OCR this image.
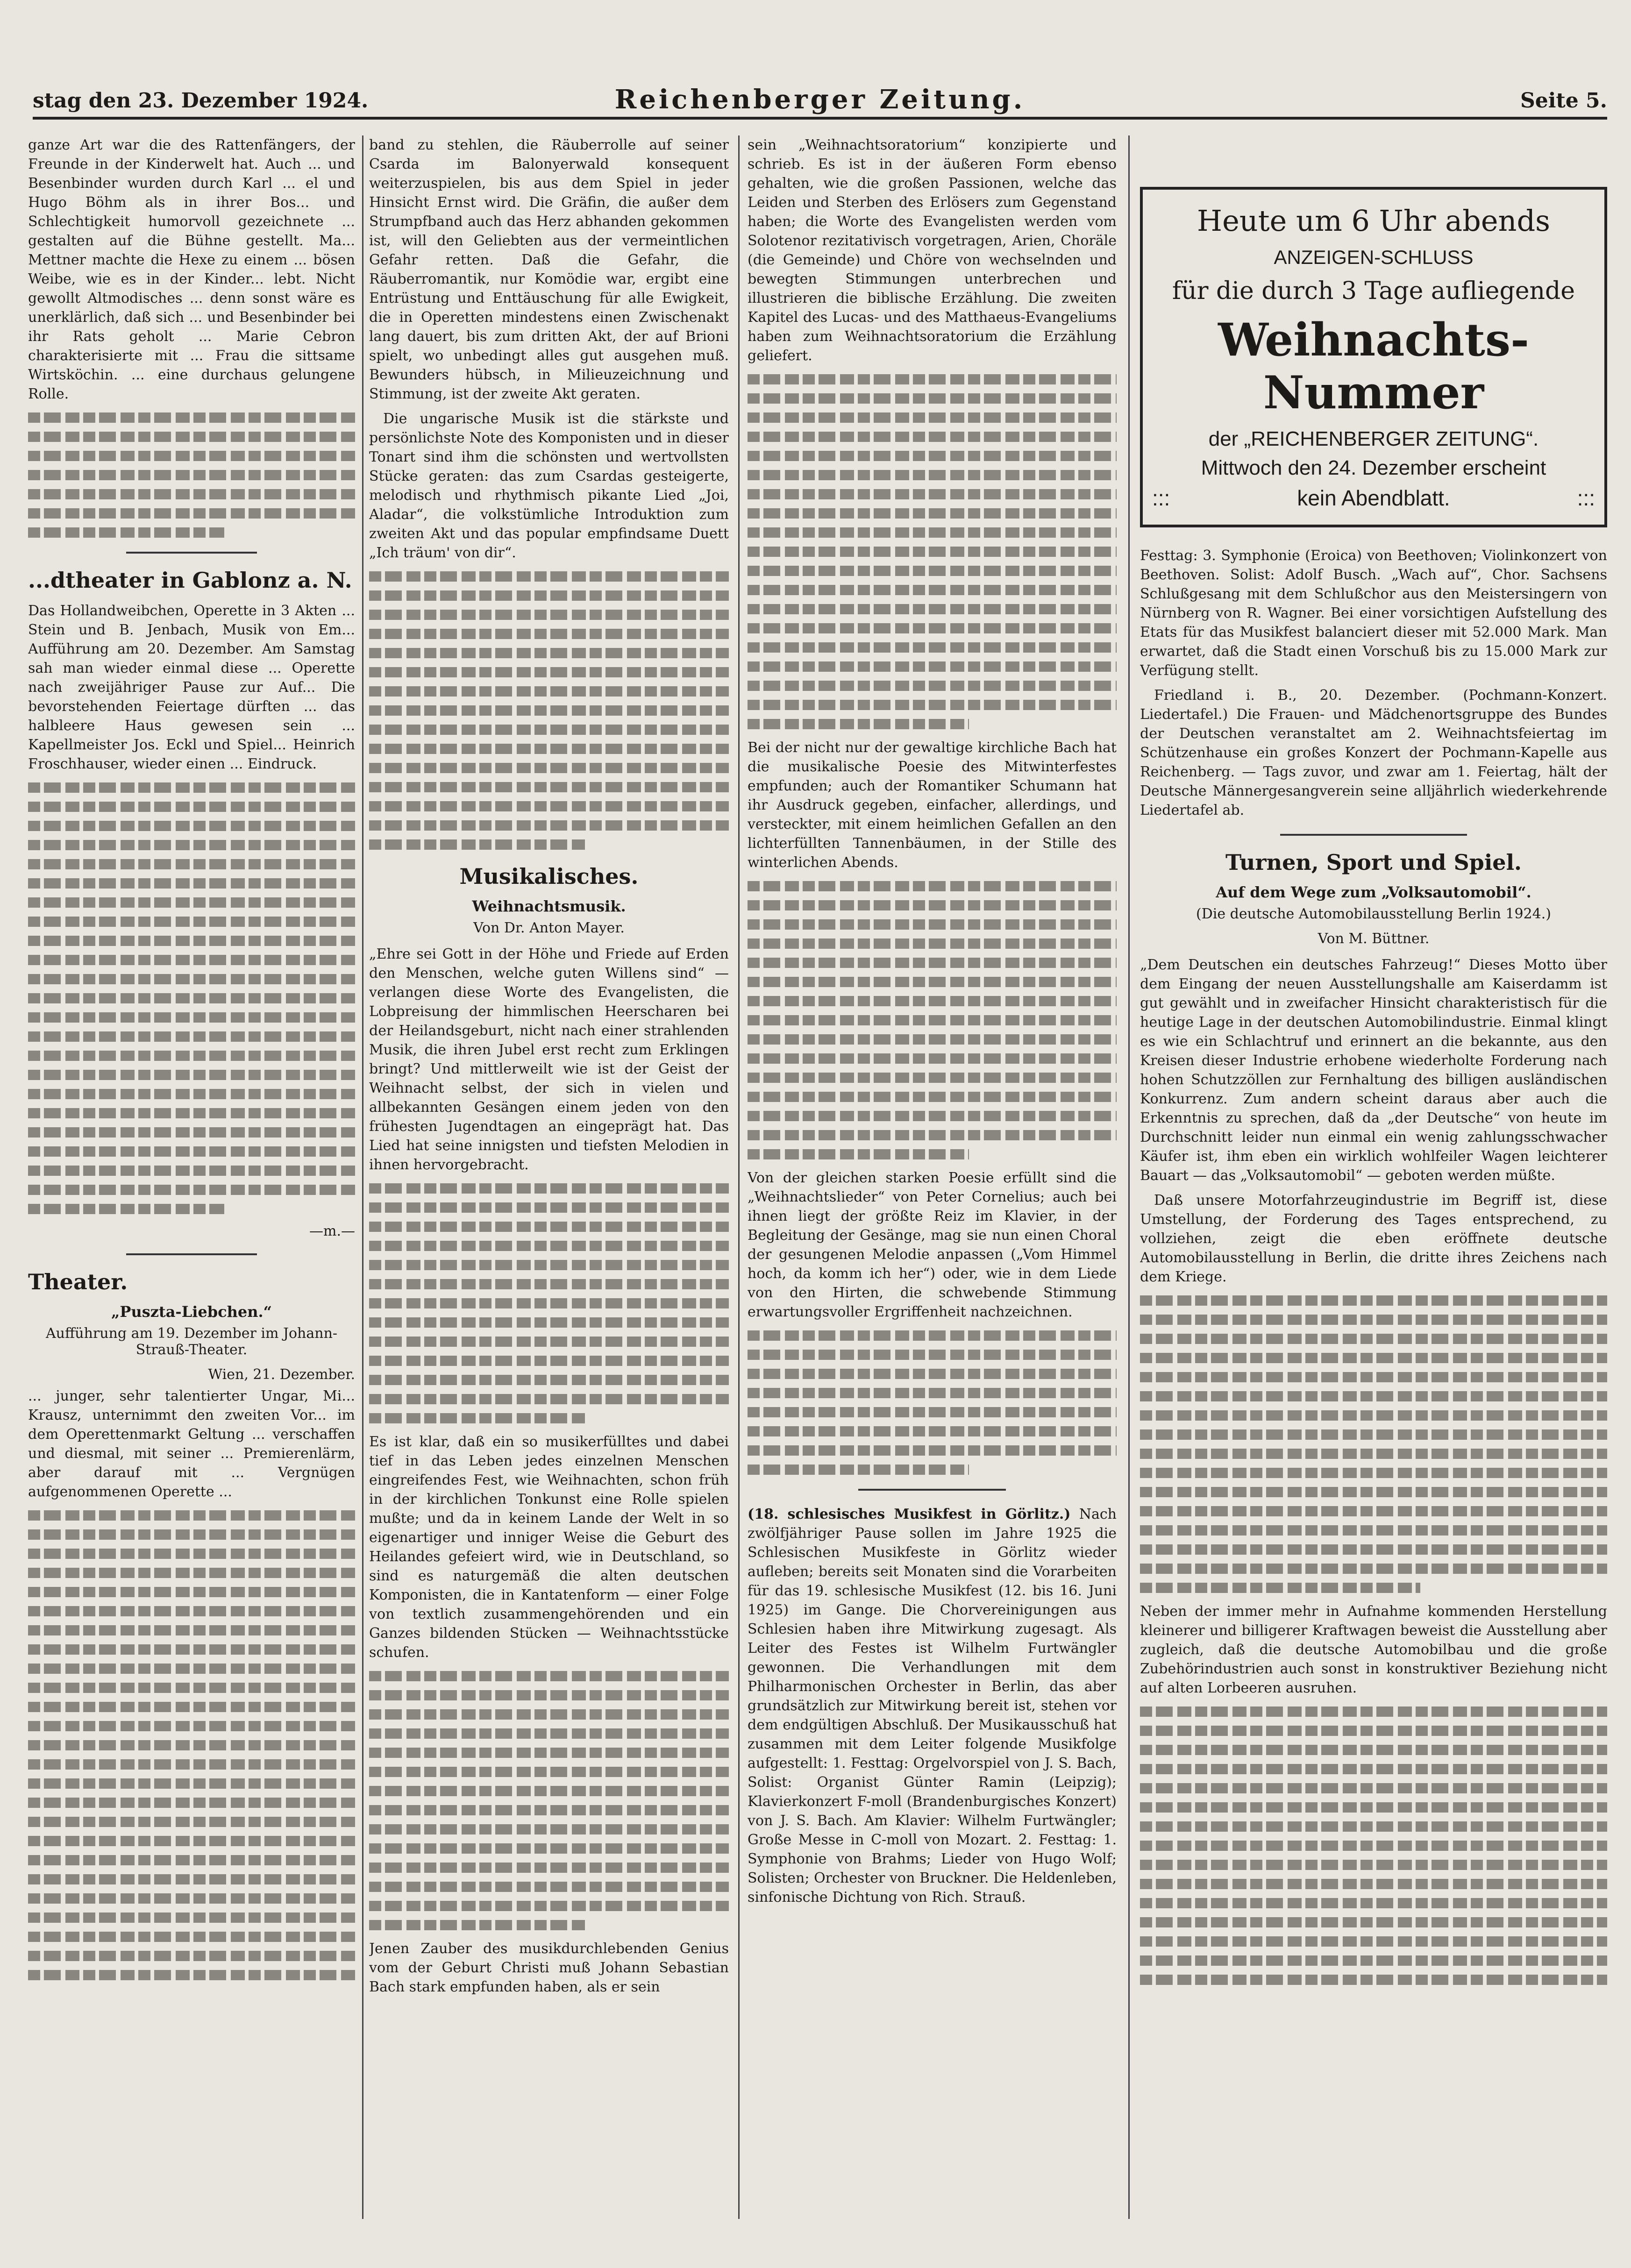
stag den 23. Dezember 1924.	Reichenberger Zeitung.	Seite 5.

ganze Art war die des Rattenfängers, der Freunde in der Kinderwelt hat. Auch ... und Besenbinder wurden durch Karl ... el und Hugo Böhm als in ihrer Bos... und Schlechtigkeit humorvoll gezeichnete ... gestalten auf die Bühne gestellt. Ma... Mettner machte die Hexe zu einem ... bösen Weibe, wie es in der Kinder... lebt. Nicht gewollt Altmodisches ... denn sonst wäre es unerklärlich, daß sich ... und Besenbinder bei ihr Rats geholt ... Marie Cebron charakterisierte mit ... Frau die sittsame Wirtsköchin. ... eine durchaus gelungene Rolle.

...dtheater in Gablonz a. N.

Das Hollandweibchen, Operette in 3 Akten ... Stein und B. Jenbach, Musik von Em... Aufführung am 20. Dezember. Am Samstag sah man wieder einmal diese ... Operette nach zweijähriger Pause zur Auf... Die bevorstehenden Feiertage dürften ... das halbleere Haus gewesen sein ... Kapellmeister Jos. Eckl und Spiel... Heinrich Froschhauser, wieder einen ... Eindruck.

—m.—
Theater.
„Puszta-Liebchen.“
Aufführung am 19. Dezember im Johann-Strauß-Theater.
Wien, 21. Dezember.

... junger, sehr talentierter Ungar, Mi... Krausz, unternimmt den zweiten Vor... im dem Operettenmarkt Geltung ... verschaffen und diesmal, mit seiner ... Premierenlärm, aber darauf mit ... Vergnügen aufgenommenen Operette ...

band zu stehlen, die Räuberrolle auf seiner Csarda im Balonyerwald konsequent weiterzuspielen, bis aus dem Spiel in jeder Hinsicht Ernst wird. Die Gräfin, die außer dem Strumpfband auch das Herz abhanden gekommen ist, will den Geliebten aus der vermeintlichen Gefahr retten. Daß die Gefahr, die Räuberromantik, nur Komödie war, ergibt eine Entrüstung und Enttäuschung für alle Ewigkeit, die in Operetten mindestens einen Zwischenakt lang dauert, bis zum dritten Akt, der auf Brioni spielt, wo unbedingt alles gut ausgehen muß. Bewunders hübsch, in Milieuzeichnung und Stimmung, ist der zweite Akt geraten.

Die ungarische Musik ist die stärkste und persönlichste Note des Komponisten und in dieser Tonart sind ihm die schönsten und wertvollsten Stücke geraten: das zum Csardas gesteigerte, melodisch und rhythmisch pikante Lied „Joi, Aladar“, die volkstümliche Introduktion zum zweiten Akt und das popular empfindsame Duett „Ich träum' von dir“.

Musikalisches.
Weihnachtsmusik.
Von Dr. Anton Mayer.

„Ehre sei Gott in der Höhe und Friede auf Erden den Menschen, welche guten Willens sind“ — verlangen diese Worte des Evangelisten, die Lobpreisung der himmlischen Heerscharen bei der Heilandsgeburt, nicht nach einer strahlenden Musik, die ihren Jubel erst recht zum Erklingen bringt? Und mittlerweilt wie ist der Geist der Weihnacht selbst, der sich in vielen und allbekannten Gesängen einem jeden von den frühesten Jugendtagen an eingeprägt hat. Das Lied hat seine innigsten und tiefsten Melodien in ihnen hervorgebracht.

Es ist klar, daß ein so musikerfülltes und dabei tief in das Leben jedes einzelnen Menschen eingreifendes Fest, wie Weihnachten, schon früh in der kirchlichen Tonkunst eine Rolle spielen mußte; und da in keinem Lande der Welt in so eigenartiger und inniger Weise die Geburt des Heilandes gefeiert wird, wie in Deutschland, so sind es naturgemäß die alten deutschen Komponisten, die in Kantatenform — einer Folge von textlich zusammengehörenden und ein Ganzes bildenden Stücken — Weihnachtsstücke schufen.

Jenen Zauber des musikdurchlebenden Genius vom der Geburt Christi muß Johann Sebastian Bach stark empfunden haben, als er sein

sein „Weihnachtsoratorium“ konzipierte und schrieb. Es ist in der äußeren Form ebenso gehalten, wie die großen Passionen, welche das Leiden und Sterben des Erlösers zum Gegenstand haben; die Worte des Evangelisten werden vom Solotenor rezitativisch vorgetragen, Arien, Choräle (die Gemeinde) und Chöre von wechselnden und bewegten Stimmungen unterbrechen und illustrieren die biblische Erzählung. Die zweiten Kapitel des Lucas- und des Matthaeus-Evangeliums haben zum Weihnachtsoratorium die Erzählung geliefert.

Bei der nicht nur der gewaltige kirchliche Bach hat die musikalische Poesie des Mitwinterfestes empfunden; auch der Romantiker Schumann hat ihr Ausdruck gegeben, einfacher, allerdings, und versteckter, mit einem heimlichen Gefallen an den lichterfüllten Tannenbäumen, in der Stille des winterlichen Abends.

Von der gleichen starken Poesie erfüllt sind die „Weihnachtslieder“ von Peter Cornelius; auch bei ihnen liegt der größte Reiz im Klavier, in der Begleitung der Gesänge, mag sie nun einen Choral der gesungenen Melodie anpassen („Vom Himmel hoch, da komm ich her“) oder, wie in dem Liede von den Hirten, die schwebende Stimmung erwartungsvoller Ergriffenheit nachzeichnen.

(18. schlesisches Musikfest in Görlitz.) Nach zwölfjähriger Pause sollen im Jahre 1925 die Schlesischen Musikfeste in Görlitz wieder aufleben; bereits seit Monaten sind die Vorarbeiten für das 19. schlesische Musikfest (12. bis 16. Juni 1925) im Gange. Die Chorvereinigungen aus Schlesien haben ihre Mitwirkung zugesagt. Als Leiter des Festes ist Wilhelm Furtwängler gewonnen. Die Verhandlungen mit dem Philharmonischen Orchester in Berlin, das aber grundsätzlich zur Mitwirkung bereit ist, stehen vor dem endgültigen Abschluß. Der Musikausschuß hat zusammen mit dem Leiter folgende Musikfolge aufgestellt: 1. Festtag: Orgelvorspiel von J. S. Bach, Solist: Organist Günter Ramin (Leipzig); Klavierkonzert F-moll (Brandenburgisches Konzert) von J. S. Bach. Am Klavier: Wilhelm Furtwängler; Große Messe in C-moll von Mozart. 2. Festtag: 1. Symphonie von Brahms; Lieder von Hugo Wolf; Solisten; Orchester von Bruckner. Die Heldenleben, sinfonische Dichtung von Rich. Strauß.

Heute um 6 Uhr abends
ANZEIGEN-SCHLUSS
für die durch 3 Tage aufliegende
Weihnachts-Nummer
der „REICHENBERGER ZEITUNG“.
Mittwoch den 24. Dezember erscheint
:::	kein Abendblatt.	:::

Festtag: 3. Symphonie (Eroica) von Beethoven; Violinkonzert von Beethoven. Solist: Adolf Busch. „Wach auf“, Chor. Sachsens Schlußgesang mit dem Schlußchor aus den Meistersingern von Nürnberg von R. Wagner. Bei einer vorsichtigen Aufstellung des Etats für das Musikfest balanciert dieser mit 52.000 Mark. Man erwartet, daß die Stadt einen Vorschuß bis zu 15.000 Mark zur Verfügung stellt.

Friedland i. B., 20. Dezember. (Pochmann-Konzert. Liedertafel.) Die Frauen- und Mädchenortsgruppe des Bundes der Deutschen veranstaltet am 2. Weihnachtsfeiertag im Schützenhause ein großes Konzert der Pochmann-Kapelle aus Reichenberg. — Tags zuvor, und zwar am 1. Feiertag, hält der Deutsche Männergesangverein seine alljährlich wiederkehrende Liedertafel ab.

Turnen, Sport und Spiel.
Auf dem Wege zum „Volksautomobil“.
(Die deutsche Automobilausstellung Berlin 1924.)
Von M. Büttner.

„Dem Deutschen ein deutsches Fahrzeug!“ Dieses Motto über dem Eingang der neuen Ausstellungshalle am Kaiserdamm ist gut gewählt und in zweifacher Hinsicht charakteristisch für die heutige Lage in der deutschen Automobilindustrie. Einmal klingt es wie ein Schlachtruf und erinnert an die bekannte, aus den Kreisen dieser Industrie erhobene wiederholte Forderung nach hohen Schutzzöllen zur Fernhaltung des billigen ausländischen Konkurrenz. Zum andern scheint daraus aber auch die Erkenntnis zu sprechen, daß da „der Deutsche“ von heute im Durchschnitt leider nun einmal ein wenig zahlungsschwacher Käufer ist, ihm eben ein wirklich wohlfeiler Wagen leichterer Bauart — das „Volksautomobil“ — geboten werden müßte.

Daß unsere Motorfahrzeugindustrie im Begriff ist, diese Umstellung, der Forderung des Tages entsprechend, zu vollziehen, zeigt die eben eröffnete deutsche Automobilausstellung in Berlin, die dritte ihres Zeichens nach dem Kriege.

Neben der immer mehr in Aufnahme kommenden Herstellung kleinerer und billigerer Kraftwagen beweist die Ausstellung aber zugleich, daß die deutsche Automobilbau und die große Zubehörindustrien auch sonst in konstruktiver Beziehung nicht auf alten Lorbeeren ausruhen.
